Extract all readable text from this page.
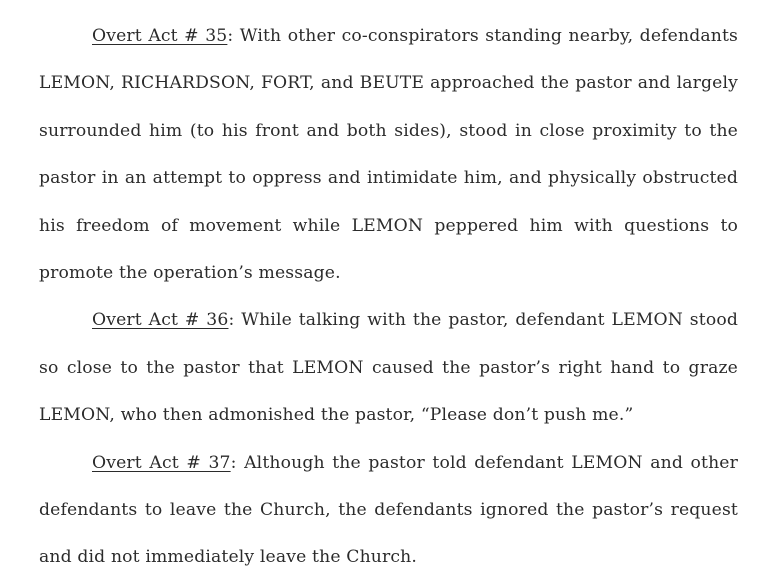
Overt Act # 35: With other co-conspirators standing nearby, defendants LEMON, RICHARDSON, FORT, and BEUTE approached the pastor and largely surrounded him (to his front and both sides), stood in close proximity to the pastor in an attempt to oppress and intimidate him, and physically obstructed his freedom of movement while LEMON peppered him with questions to promote the operation’s message.

Overt Act # 36: While talking with the pastor, defendant LEMON stood so close to the pastor that LEMON caused the pastor’s right hand to graze LEMON, who then admonished the pastor, “Please don’t push me.”

Overt Act # 37: Although the pastor told defendant LEMON and other defendants to leave the Church, the defendants ignored the pastor’s request and did not immediately leave the Church.
